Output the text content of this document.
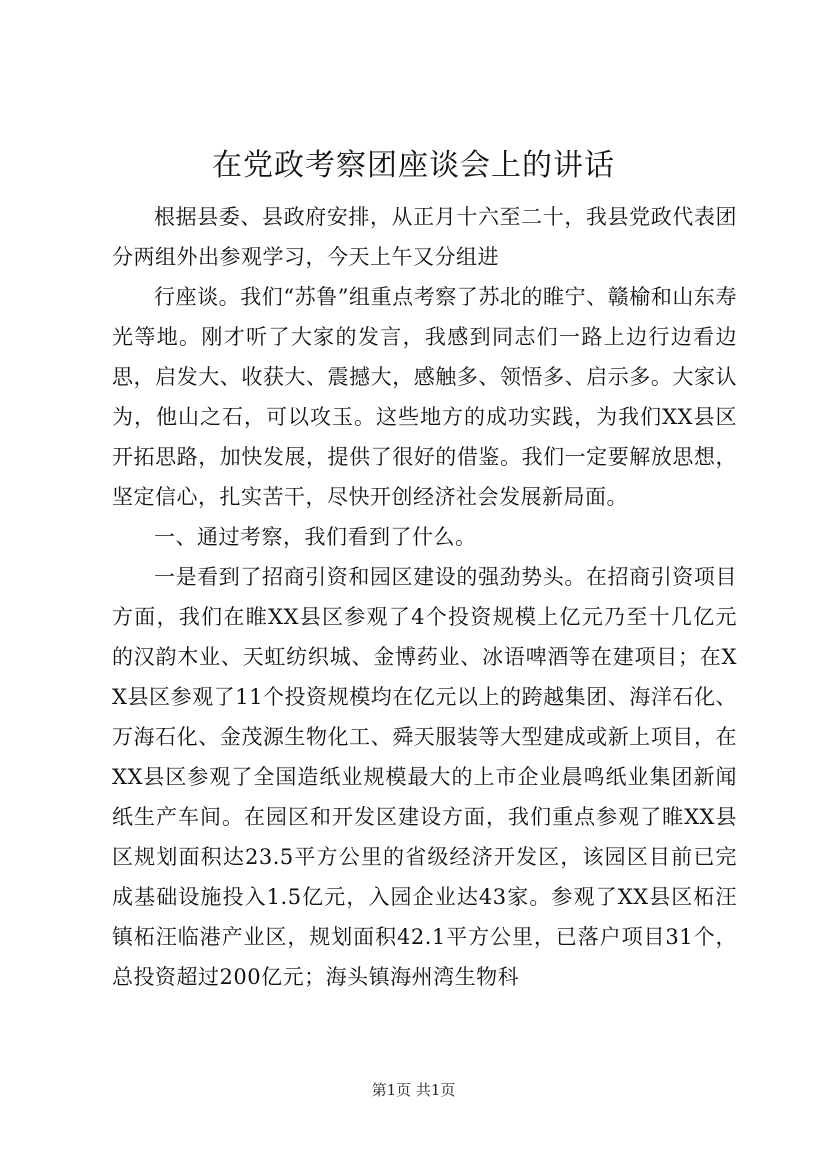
在党政考察团座谈会上的讲话

根据县委、县政府安排，从正月十六至二十，我县党政代表团分两组外出参观学习，今天上午又分组进

行座谈。我们“苏鲁”组重点考察了苏北的睢宁、赣榆和山东寿光等地。刚才听了大家的发言，我感到同志们一路上边行边看边思，启发大、收获大、震撼大，感触多、领悟多、启示多。大家认为，他山之石，可以攻玉。这些地方的成功实践，为我们XX县区开拓思路，加快发展，提供了很好的借鉴。我们一定要解放思想，坚定信心，扎实苦干，尽快开创经济社会发展新局面。

一、通过考察，我们看到了什么。

一是看到了招商引资和园区建设的强劲势头。在招商引资项目方面，我们在睢XX县区参观了4个投资规模上亿元乃至十几亿元的汉韵木业、天虹纺织城、金博药业、冰语啤酒等在建项目；在XX县区参观了11个投资规模均在亿元以上的跨越集团、海洋石化、万海石化、金茂源生物化工、舜天服装等大型建成或新上项目，在XX县区参观了全国造纸业规模最大的上市企业晨鸣纸业集团新闻纸生产车间。在园区和开发区建设方面，我们重点参观了睢XX县区规划面积达23.5平方公里的省级经济开发区，该园区目前已完成基础设施投入1.5亿元，入园企业达43家。参观了XX县区柘汪镇柘汪临港产业区，规划面积42.1平方公里，已落户项目31个，总投资超过200亿元；海头镇海州湾生物科

第1页 共1页
